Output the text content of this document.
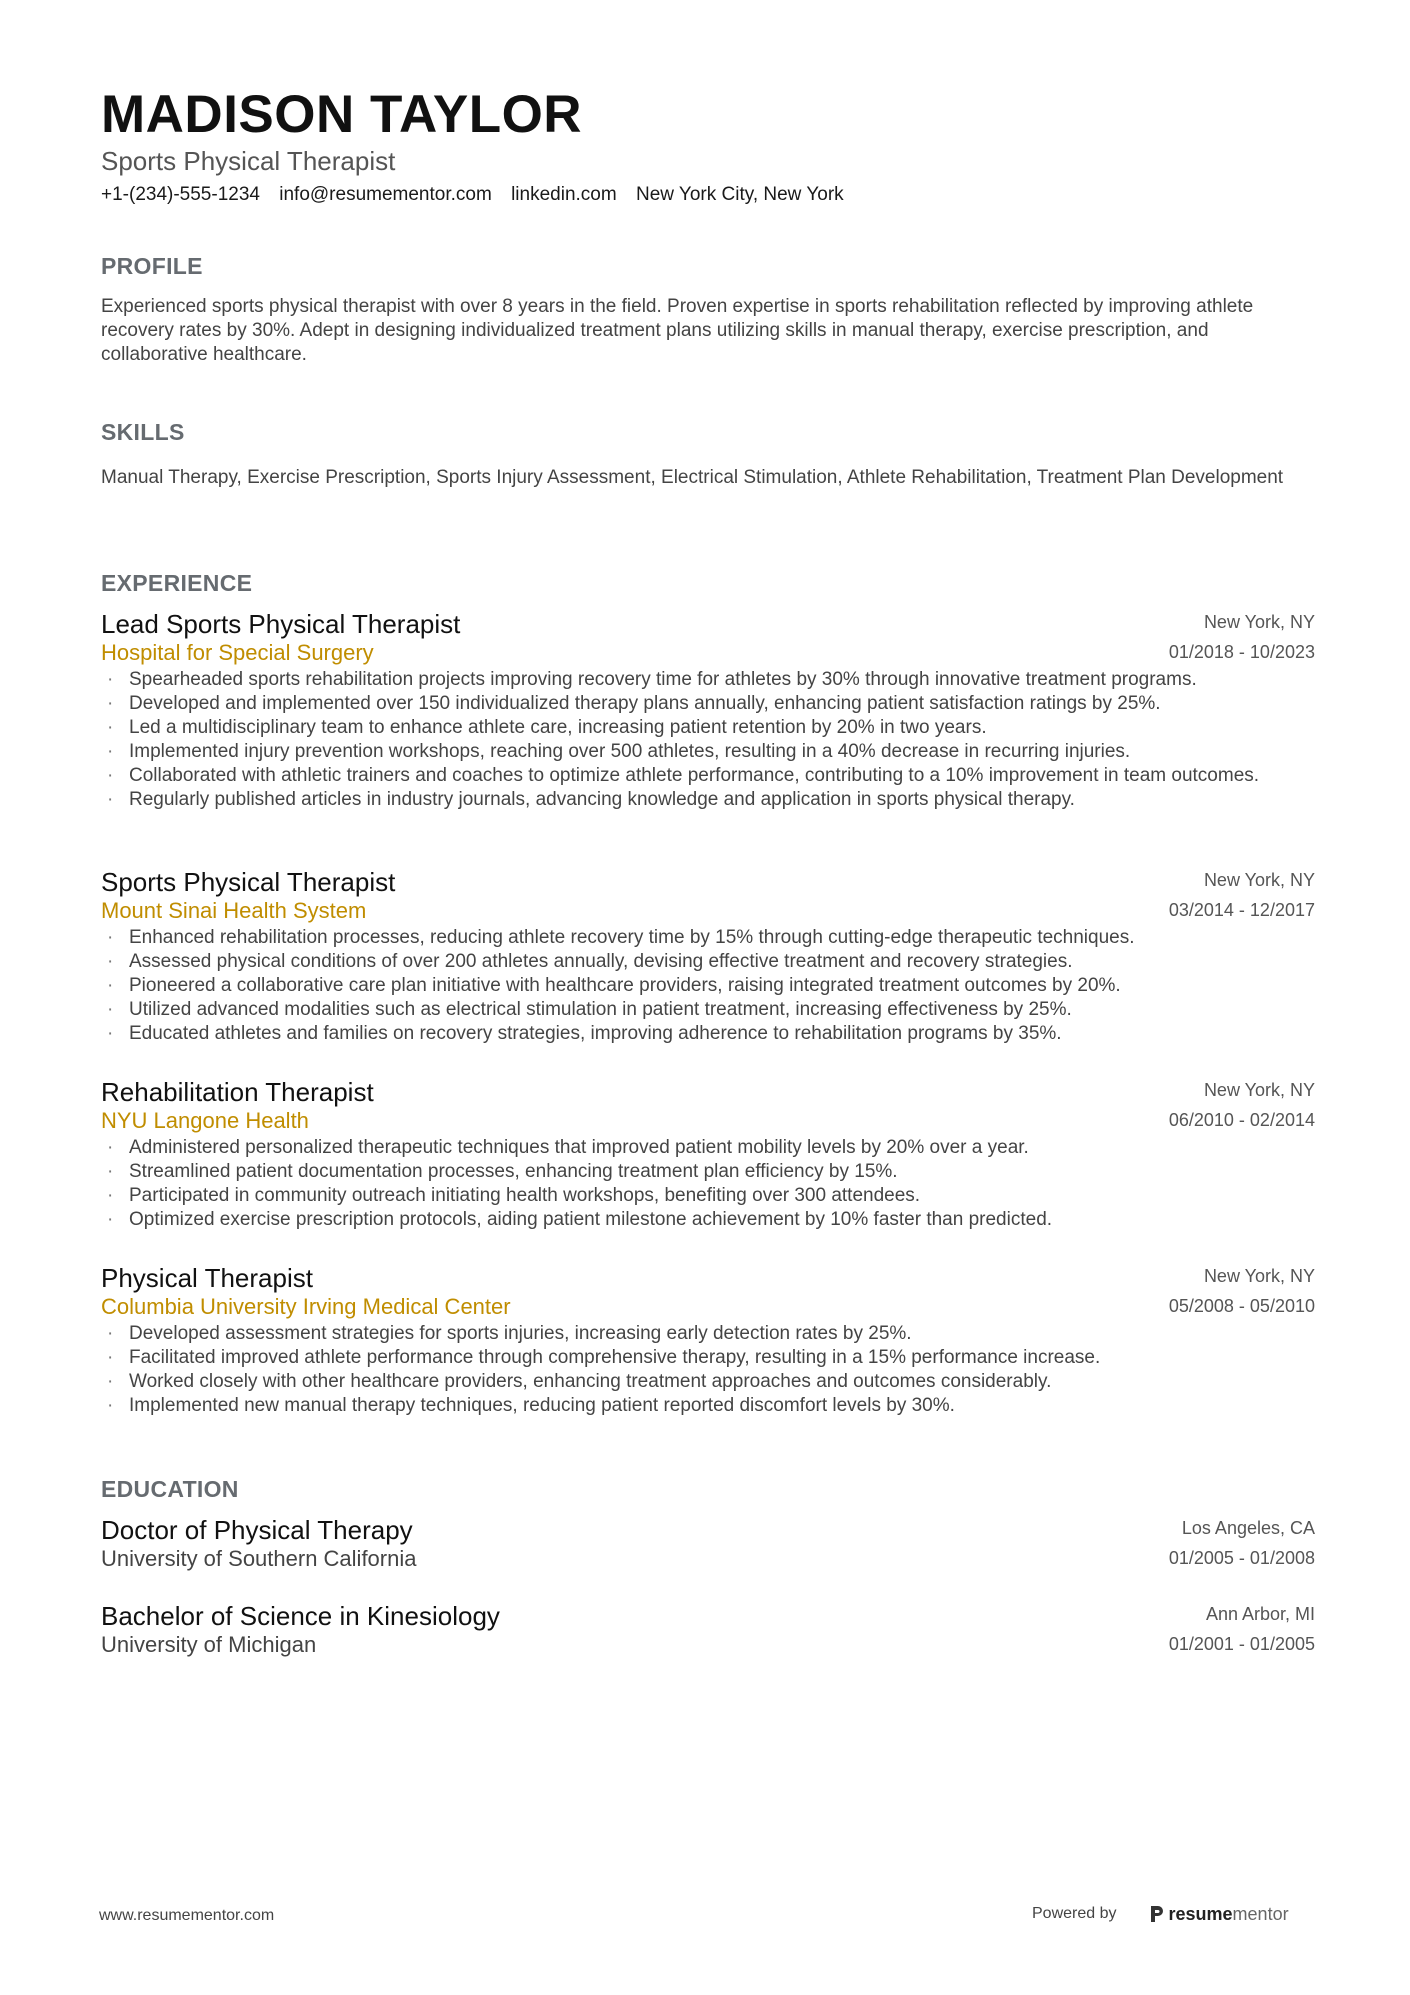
MADISON TAYLOR
Sports Physical Therapist
+1-(234)-555-1234 info@resumementor.com linkedin.com New York City, New York
PROFILE
Experienced sports physical therapist with over 8 years in the field. Proven expertise in sports rehabilitation reflected by improving athlete recovery rates by 30%. Adept in designing individualized treatment plans utilizing skills in manual therapy, exercise prescription, and collaborative healthcare.
SKILLS
Manual Therapy, Exercise Prescription, Sports Injury Assessment, Electrical Stimulation, Athlete Rehabilitation, Treatment Plan Development
EXPERIENCE
Lead Sports Physical Therapist
Hospital for Special Surgery
New York, NY
01/2018 - 10/2023
· Spearheaded sports rehabilitation projects improving recovery time for athletes by 30% through innovative treatment programs.
· Developed and implemented over 150 individualized therapy plans annually, enhancing patient satisfaction ratings by 25%.
· Led a multidisciplinary team to enhance athlete care, increasing patient retention by 20% in two years.
· Implemented injury prevention workshops, reaching over 500 athletes, resulting in a 40% decrease in recurring injuries.
· Collaborated with athletic trainers and coaches to optimize athlete performance, contributing to a 10% improvement in team outcomes.
· Regularly published articles in industry journals, advancing knowledge and application in sports physical therapy.
Sports Physical Therapist
Mount Sinai Health System
New York, NY
03/2014 - 12/2017
· Enhanced rehabilitation processes, reducing athlete recovery time by 15% through cutting-edge therapeutic techniques.
· Assessed physical conditions of over 200 athletes annually, devising effective treatment and recovery strategies.
· Pioneered a collaborative care plan initiative with healthcare providers, raising integrated treatment outcomes by 20%.
· Utilized advanced modalities such as electrical stimulation in patient treatment, increasing effectiveness by 25%.
· Educated athletes and families on recovery strategies, improving adherence to rehabilitation programs by 35%.
Rehabilitation Therapist
NYU Langone Health
New York, NY
06/2010 - 02/2014
· Administered personalized therapeutic techniques that improved patient mobility levels by 20% over a year.
· Streamlined patient documentation processes, enhancing treatment plan efficiency by 15%.
· Participated in community outreach initiating health workshops, benefiting over 300 attendees.
· Optimized exercise prescription protocols, aiding patient milestone achievement by 10% faster than predicted.
Physical Therapist
Columbia University Irving Medical Center
New York, NY
05/2008 - 05/2010
· Developed assessment strategies for sports injuries, increasing early detection rates by 25%.
· Facilitated improved athlete performance through comprehensive therapy, resulting in a 15% performance increase.
· Worked closely with other healthcare providers, enhancing treatment approaches and outcomes considerably.
· Implemented new manual therapy techniques, reducing patient reported discomfort levels by 30%.
EDUCATION
Doctor of Physical Therapy
University of Southern California
Los Angeles, CA
01/2005 - 01/2008
Bachelor of Science in Kinesiology
University of Michigan
Ann Arbor, MI
01/2001 - 01/2005
www.resumementor.com	Powered by	resume mentor
